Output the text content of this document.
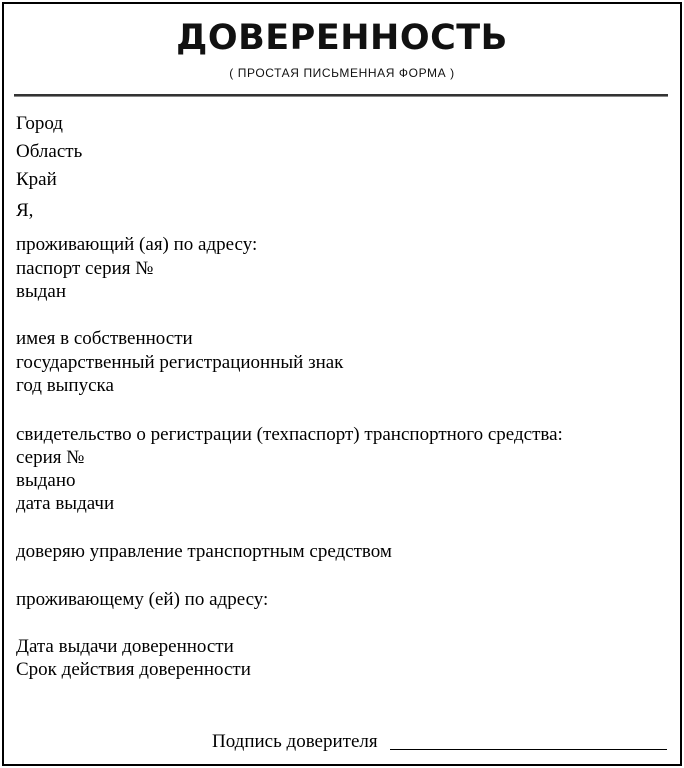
ДОВЕРЕННОСТЬ
( ПРОСТАЯ ПИСЬМЕННАЯ ФОРМА )
Город
Область
Край
Я,
проживающий (ая) по адресу:
паспорт серия №
выдан
имея в собственности
государственный регистрационный знак
год выпуска
свидетельство о регистрации (техпаспорт) транспортного средства:
серия №
выдано
дата выдачи
доверяю управление транспортным средством
проживающему (ей) по адресу:
Дата выдачи доверенности
Срок действия доверенности
Подпись доверителя
